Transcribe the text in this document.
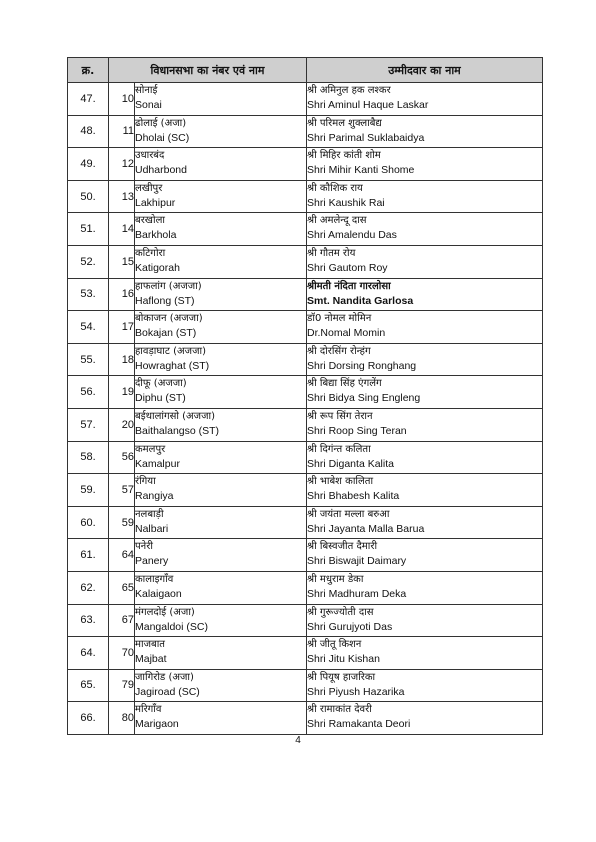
क्र.	विधानसभा का नंबर एवं नाम		उम्मीदवार का नाम
47.	10	सोनाई
Sonai	श्री अमिनुल हक लश्कर
Shri Aminul Haque Laskar

48.	11	ढोलाई (अजा)
Dholai (SC)	श्री परिमल शुक्लाबैद्य
Shri Parimal Suklabaidya

49.	12	उधारबंद
Udharbond	श्री मिहिर कांती शोम
Shri Mihir Kanti Shome

50.	13	लखीपुर
Lakhipur	श्री कौशिक राय
Shri Kaushik Rai

51.	14	बरखोला
Barkhola	श्री अमलेन्दू दास
Shri Amalendu Das

52.	15	कटिगोरा
Katigorah	श्री गौतम रोय
Shri Gautom Roy

53.	16	हाफलांग (अजजा)
Haflong (ST)	श्रीमती नंदिता गारलोसा
Smt. Nandita Garlosa

54.	17	बोकाजन (अजजा)
Bokajan (ST)	डॉ0 नोमल मोमिन
Dr.Nomal Momin

55.	18	हावड़ाघाट (अजजा)
Howraghat (ST)	श्री दोरसिंग रोन्हंग
Shri Dorsing Ronghang

56.	19	दीफू (अजजा)
Diphu (ST)	श्री बिद्या सिंह एंगलेंग
Shri Bidya Sing Engleng

57.	20	बईथालांगसो (अजजा)
Baithalangso (ST)	श्री रूप सिंग तेरान
Shri Roop Sing Teran

58.	56	कमलपुर
Kamalpur	श्री दिगंन्त कलिता
Shri Diganta Kalita

59.	57	रंगिया
Rangiya	श्री भाबेश कालिता
Shri Bhabesh Kalita

60.	59	नलबाड़ी
Nalbari	श्री जयंता मल्ला बरुआ
Shri Jayanta Malla Barua

61.	64	पनेरी
Panery	श्री बिस्वजीत दैमारी
Shri Biswajit Daimary

62.	65	कालाइगाँव
Kalaigaon	श्री मधुराम डेका
Shri Madhuram Deka

63.	67	मंगलदोई (अजा)
Mangaldoi (SC)	श्री गुरूज्योती दास
Shri Gurujyoti Das

64.	70	माजबात
Majbat	श्री जीतू किशन
Shri Jitu Kishan

65.	79	जागिरोड (अजा)
Jagiroad (SC)	श्री पियूष हाजरिका
Shri Piyush Hazarika

66.	80	मरिगाँव
Marigaon	श्री रामाकांत देवरी
Shri Ramakanta Deori
4
